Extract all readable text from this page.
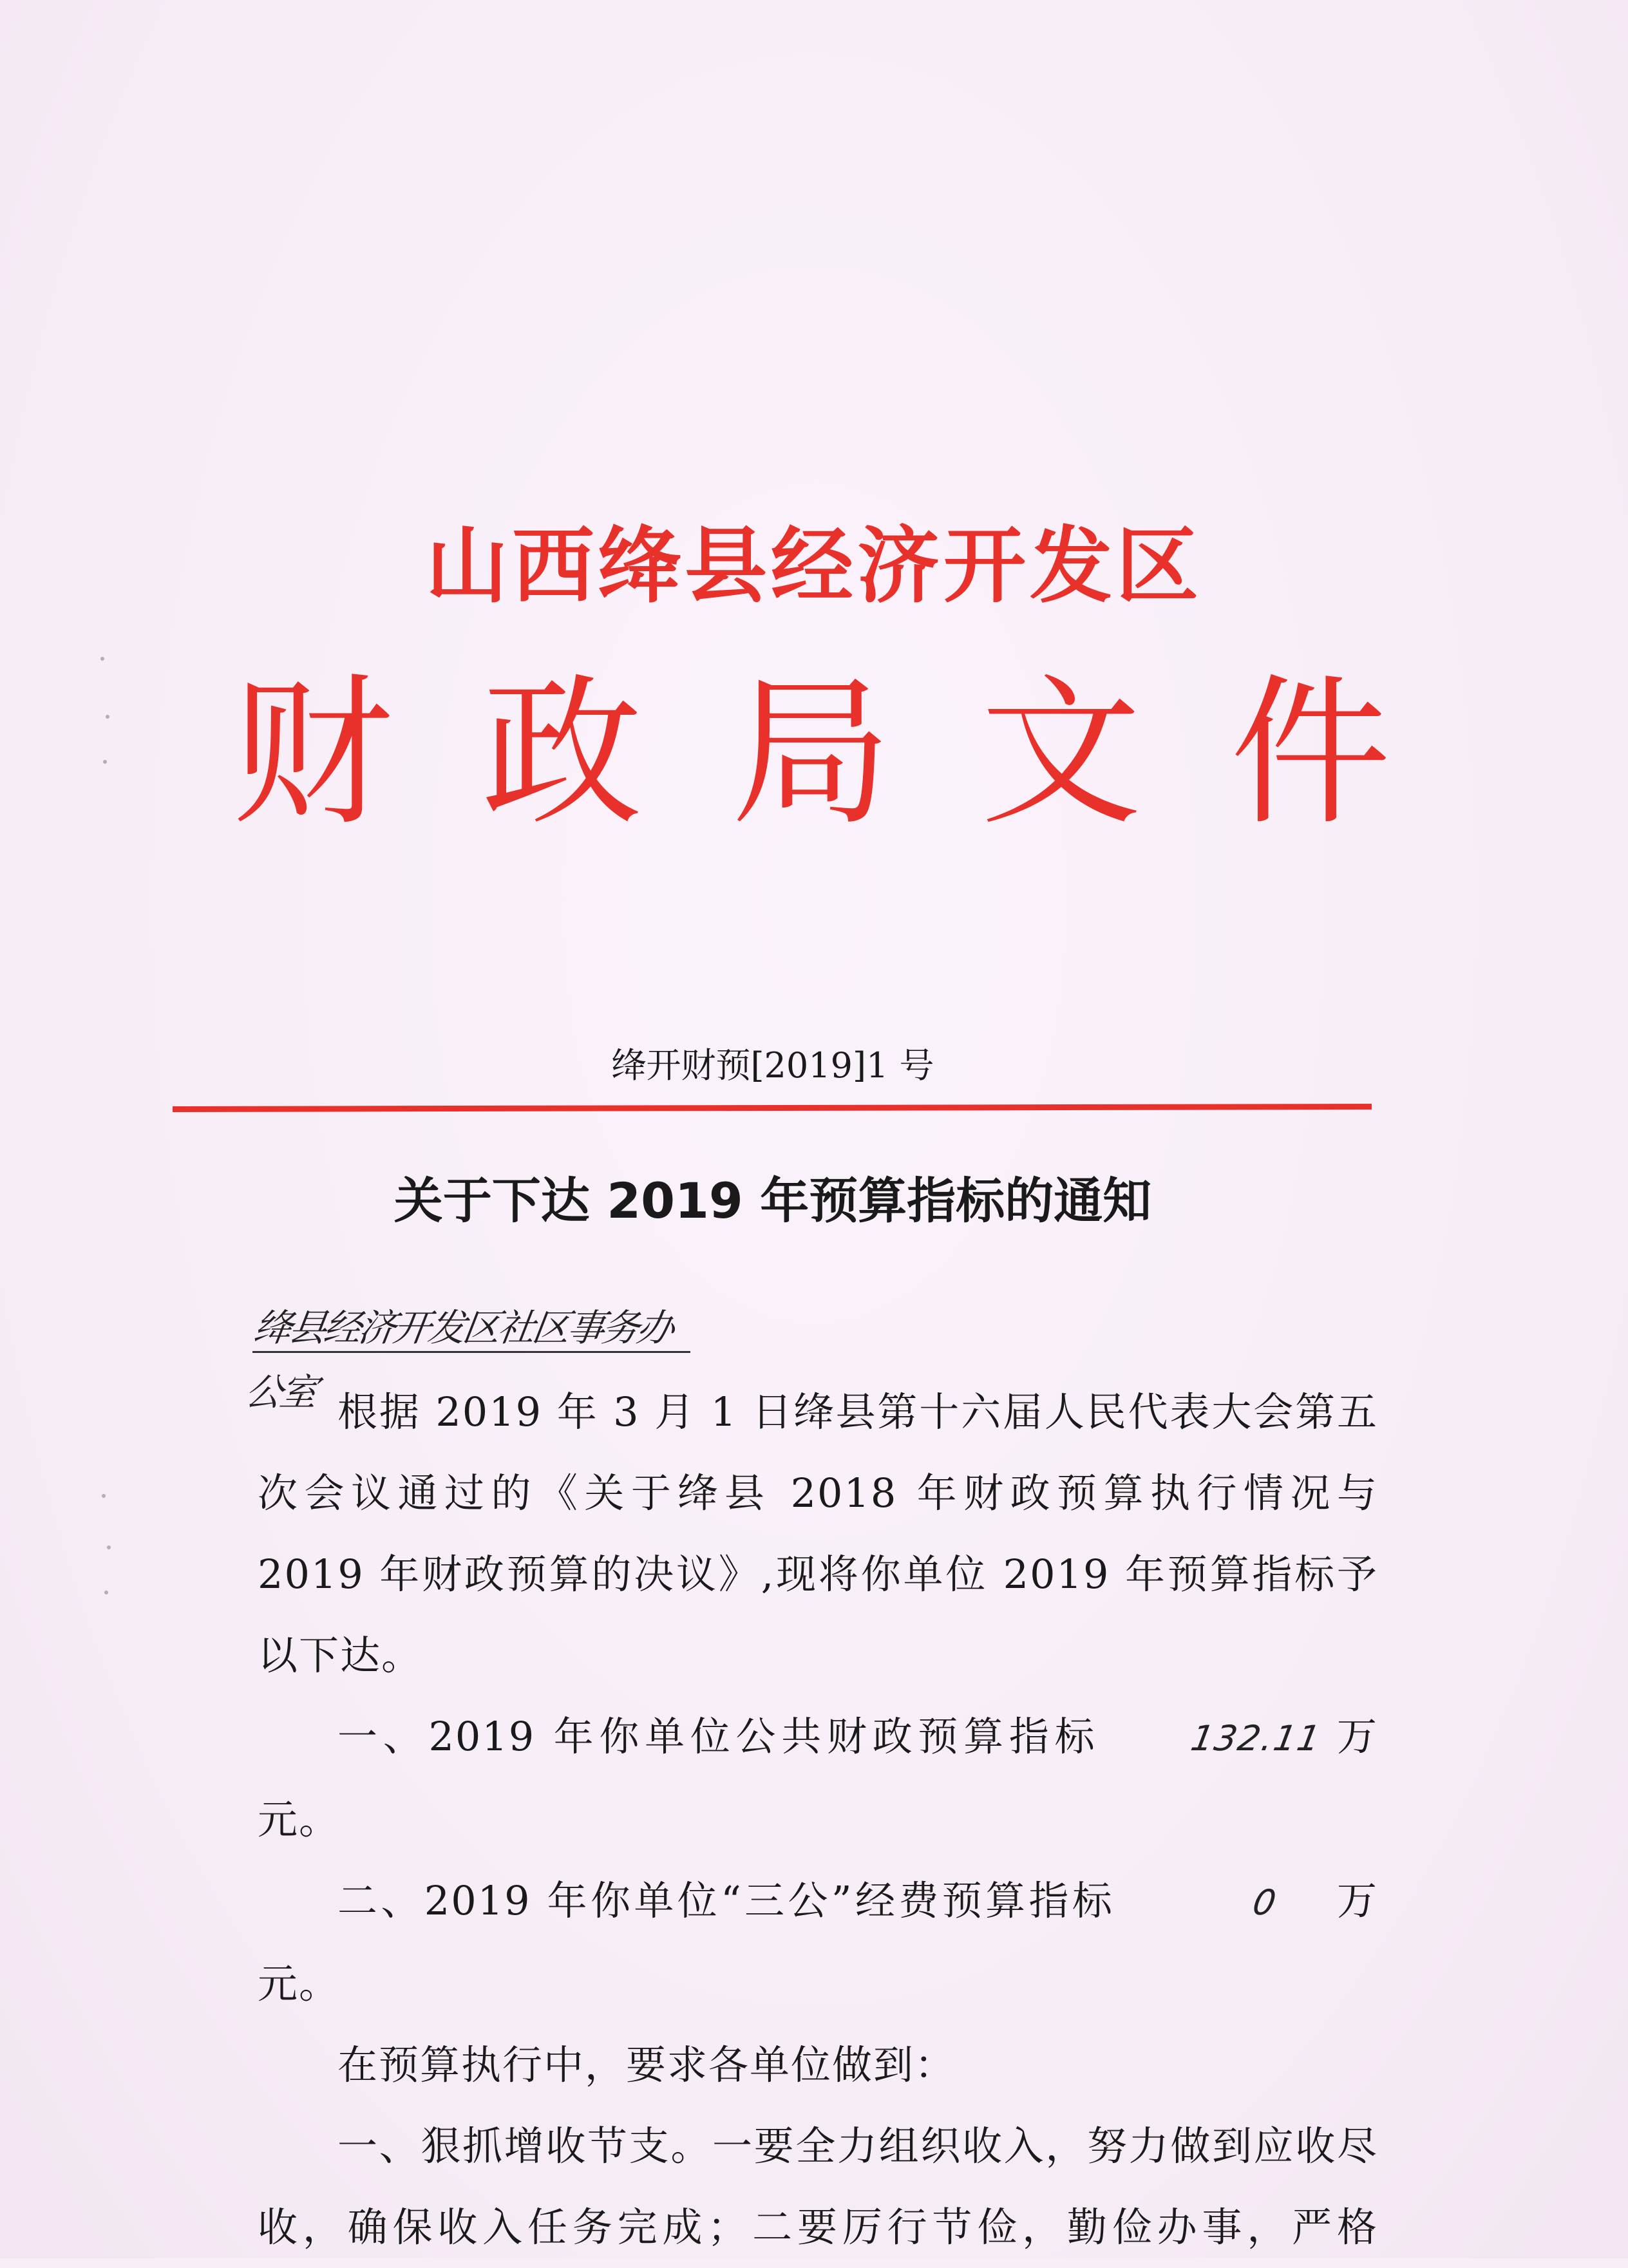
山西绛县经济开发区
财 政 局 文 件
绛开财预[2019]1 号
关于下达 2019 年预算指标的通知
绛县经济开发区社区事务办公室 根据 2019 年 3 月 1 日绛县第十六届人民代表大会第五次会议通过的《关于绛县 2018 年财政预算执行情况与 2019 年财政预算的决议》,现将你单位 2019 年预算指标予以下达。

一、2019 年你单位公共财政预算指标	132.11 万元。

二、2019 年你单位“三公”经费预算指标	0 万元。

在预算执行中，要求各单位做到：

一、狠抓增收节支。一要全力组织收入，努力做到应收尽收，确保收入任务完成；二要厉行节俭，勤俭办事，严格
